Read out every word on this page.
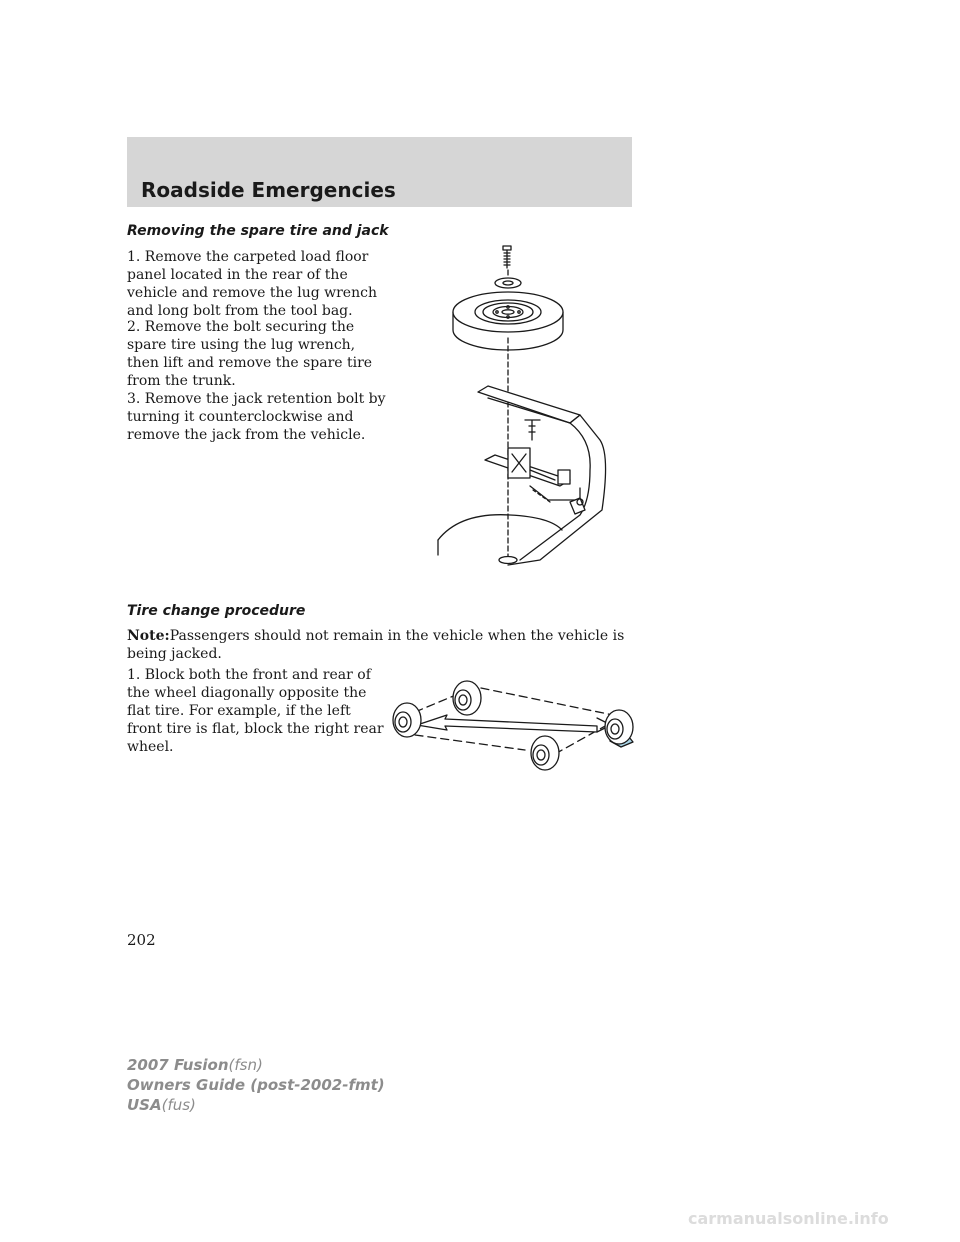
Roadside Emergencies
Removing the spare tire and jack
1. Remove the carpeted load floor
panel located in the rear of the
vehicle and remove the lug wrench
and long bolt from the tool bag.
2. Remove the bolt securing the
spare tire using the lug wrench,
then lift and remove the spare tire
from the trunk.
3. Remove the jack retention bolt by
turning it counterclockwise and
remove the jack from the vehicle.
Tire change procedure
Note:Passengers should not remain in the vehicle when the vehicle is
being jacked.
1. Block both the front and rear of
the wheel diagonally opposite the
flat tire. For example, if the left
front tire is flat, block the right rear
wheel.

202

2007 Fusion(fsn)
Owners Guide (post-2002-fmt)
USA(fus)

carmanualsonline.info
